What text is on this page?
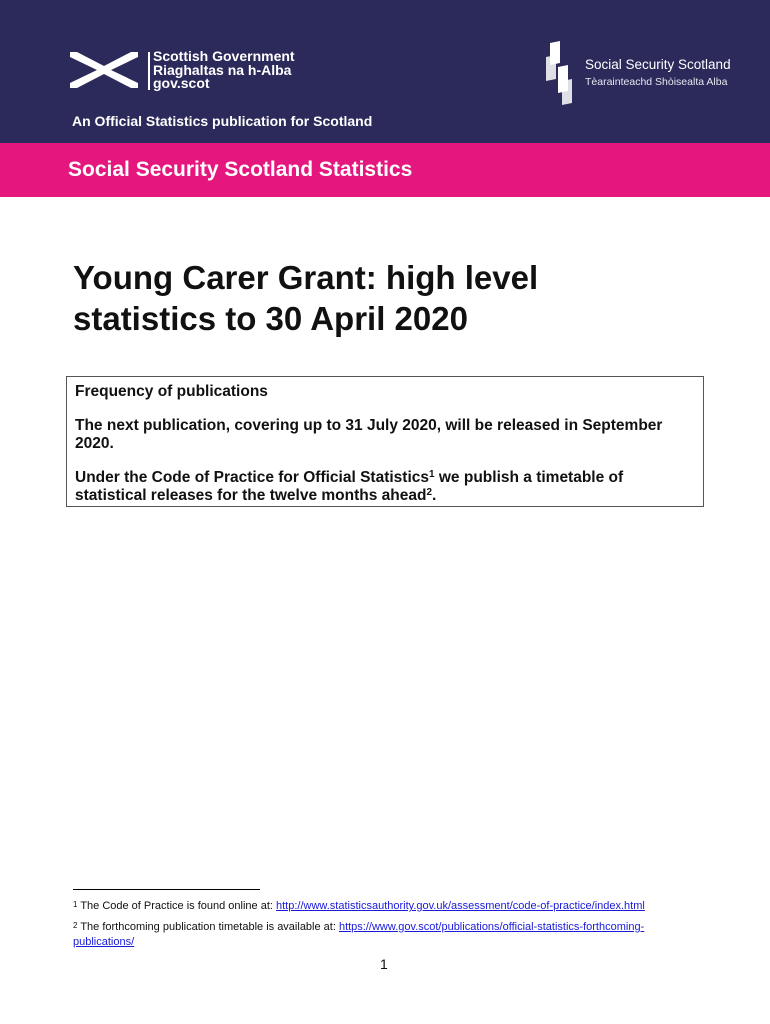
Scottish Government
Riaghaltas na h-Alba
gov.scot
Social Security Scotland
Tèarainteachd Shòisealta Alba
An Official Statistics publication for Scotland
Social Security Scotland Statistics
Young Carer Grant: high level
statistics to 30 April 2020

Frequency of publications

The next publication, covering up to 31 July 2020, will be released in September 2020.

Under the Code of Practice for Official Statistics$^1$ we publish a timetable of statistical releases for the twelve months ahead$^2$.

$^1$ The Code of Practice is found online at: http://www.statisticsauthority.gov.uk/assessment/code-of-practice/index.html
$^2$ The forthcoming publication timetable is available at: https://www.gov.scot/publications/official-statistics-forthcoming-publications/
1
